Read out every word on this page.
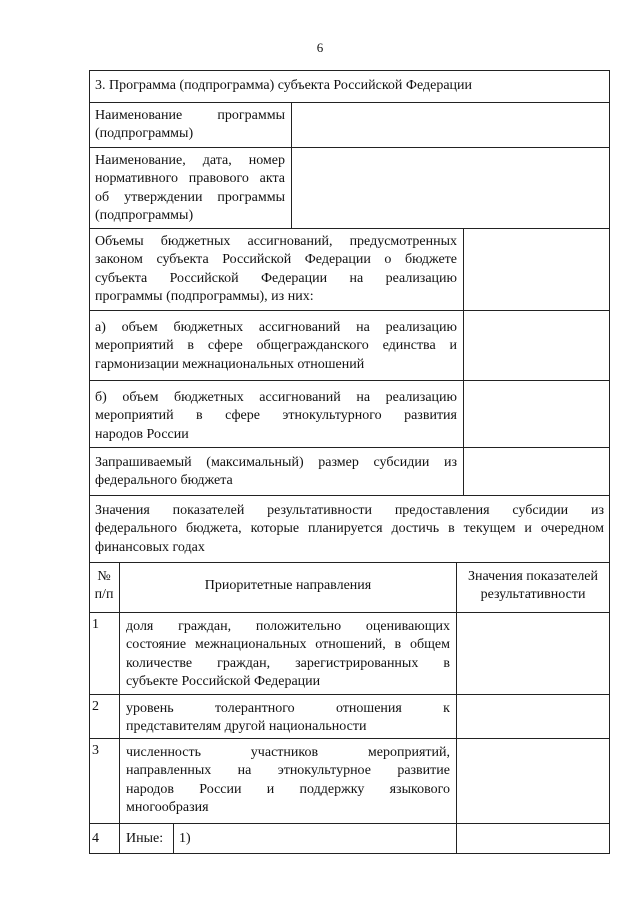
6
3. Программа (подпрограмма) субъекта Российской Федерации
Наименование программы
(подпрограммы)
Наименование, дата, номер
нормативного правового акта
об утверждении программы
(подпрограммы)
Объемы бюджетных ассигнований, предусмотренных
законом субъекта Российской Федерации о бюджете
субъекта Российской Федерации на реализацию
программы (подпрограммы), из них:
а) объем бюджетных ассигнований на реализацию
мероприятий в сфере общегражданского единства и
гармонизации межнациональных отношений
б) объем бюджетных ассигнований на реализацию
мероприятий в сфере этнокультурного развития
народов России
Запрашиваемый (максимальный) размер субсидии из
федерального бюджета
Значения показателей результативности предоставления субсидии из
федерального бюджета, которые планируется достичь в текущем и очередном
финансовых годах
№
п/п
Приоритетные направления
Значения показателей
результативности
1 доля граждан, положительно оценивающих
состояние межнациональных отношений, в общем
количестве граждан, зарегистрированных в
субъекте Российской Федерации
2 уровень толерантного отношения к
представителям другой национальности
3 численность участников мероприятий,
направленных на этнокультурное развитие
народов России и поддержку языкового
многообразия
4 Иные: 1)
